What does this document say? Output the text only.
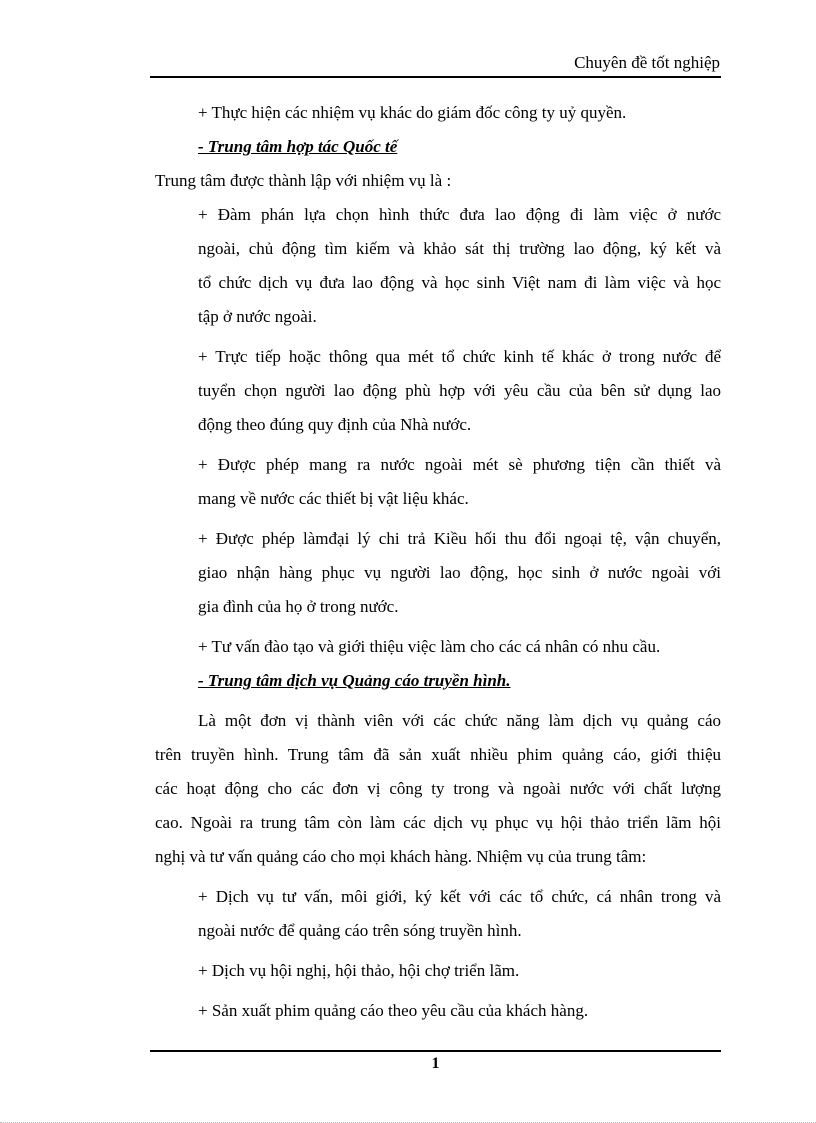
Chuyên đề tốt nghiệp
+ Thực hiện các nhiệm vụ khác do giám đốc công ty uỷ quyền.
- Trung tâm hợp tác Quốc tế
Trung tâm được thành lập với nhiệm vụ là :
+ Đàm phán lựa chọn hình thức đưa lao động đi làm việc ở nước
ngoài, chủ động tìm kiếm và khảo sát thị trường lao động, ký kết và
tổ chức dịch vụ đưa lao động và học sinh Việt nam đi làm việc và học
tập ở nước ngoài.
+ Trực tiếp hoặc thông qua mét tổ chức kinh tế khác ở trong nước để
tuyển chọn người lao động phù hợp với yêu cầu của bên sử dụng lao
động theo đúng quy định của Nhà nước.
+ Được phép mang ra nước ngoài mét sè phương tiện cần thiết và
mang về nước các thiết bị vật liệu khác.
+ Được phép làmđại lý chi trả Kiều hối thu đổi ngoại tệ, vận chuyển,
giao nhận hàng phục vụ người lao động, học sinh ở nước ngoài với
gia đình của họ ở trong nước.
+ Tư vấn đào tạo và giới thiệu việc làm cho các cá nhân có nhu cầu.
- Trung tâm dịch vụ Quảng cáo truyền hình.
Là một đơn vị thành viên với các chức năng làm dịch vụ quảng cáo
trên truyền hình. Trung tâm đã sản xuất nhiều phim quảng cáo, giới thiệu
các hoạt động cho các đơn vị công ty trong và ngoài nước với chất lượng
cao. Ngoài ra trung tâm còn làm các dịch vụ phục vụ hội thảo triển lãm hội
nghị và tư vấn quảng cáo cho mọi khách hàng. Nhiệm vụ của trung tâm:
+ Dịch vụ tư vấn, môi giới, ký kết với các tổ chức, cá nhân trong và
ngoài nước để quảng cáo trên sóng truyền hình.
+ Dịch vụ hội nghị, hội thảo, hội chợ triển lãm.
+ Sản xuất phim quảng cáo theo yêu cầu của khách hàng.
1
